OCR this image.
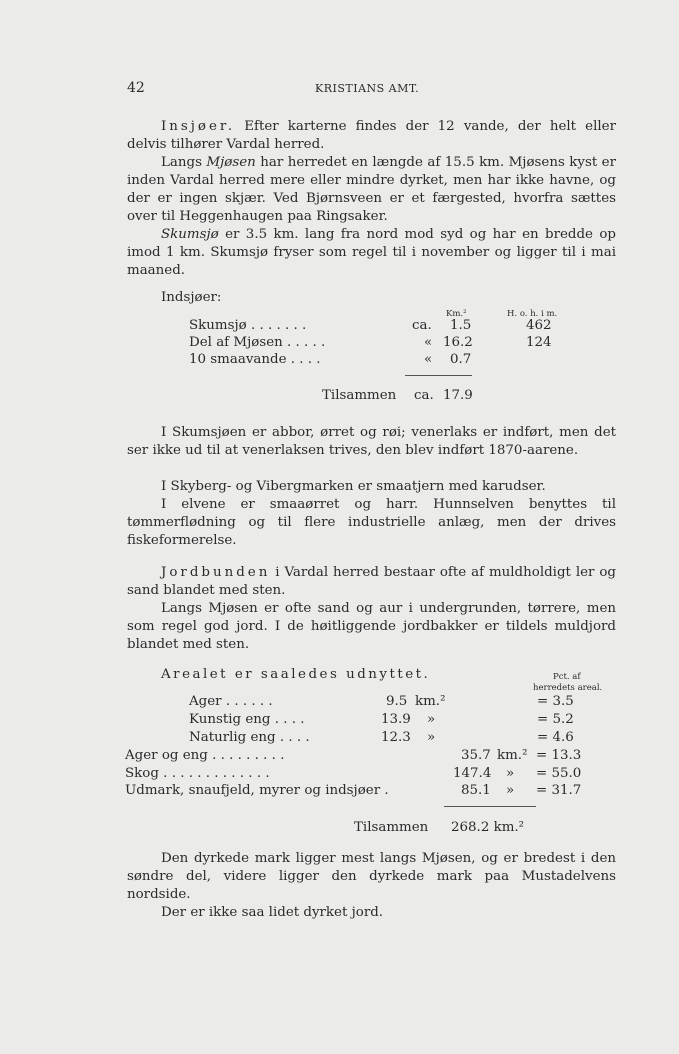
42	KRISTIANS AMT.
Insjøer. Efter karterne findes der 12 vande, der helt eller delvis tilhører Vardal herred.
Langs Mjøsen har herredet en længde af 15.5 km. Mjøsens kyst er inden Vardal herred mere eller mindre dyrket, men har ikke havne, og der er ingen skjær. Ved Bjørnsveen er et færgested, hvorfra sættes over til Heggenhaugen paa Ringsaker.
Skumsjø er 3.5 km. lang fra nord mod syd og har en bredde op imod 1 km. Skumsjø fryser som regel til i november og ligger til i mai maaned.
Indsjøer:
Km.²	H. o. h. i m.
Skumsjø . . . . . . .	ca. 1.5	462
Del af Mjøsen . . . . .	« 16.2	124
10 smaavande . . . .	« 0.7
Tilsammen ca. 17.9
I Skumsjøen er abbor, ørret og røi; venerlaks er indført, men det ser ikke ud til at venerlaksen trives, den blev indført 1870-aarene.
I Skyberg- og Vibergmarken er smaatjern med karudser.
I elvene er smaaørret og harr. Hunnselven benyttes til tømmerflødning og til flere industrielle anlæg, men der drives fiskeformerelse.
Jordbunden i Vardal herred bestaar ofte af muldholdigt ler og sand blandet med sten.
Langs Mjøsen er ofte sand og aur i undergrunden, tørrere, men som regel god jord. I de høitliggende jordbakker er tildels muldjord blandet med sten.
Arealet er saaledes udnyttet.	Pct. af
herredets areal.
Ager . . . . . .	9.5 km.²	= 3.5
Kunstig eng . . . .	13.9 »	= 5.2
Naturlig eng . . . .	12.3 »	= 4.6
Ager og eng . . . . . . . . .	35.7 km.² = 13.3
Skog . . . . . . . . . . . . .	147.4 » = 55.0
Udmark, snaufjeld, myrer og indsjøer .	85.1 » = 31.7
Tilsammen 268.2 km.²
Den dyrkede mark ligger mest langs Mjøsen, og er bredest i den søndre del, videre ligger den dyrkede mark paa Mustadelvens nordside.
Der er ikke saa lidet dyrket jord.
